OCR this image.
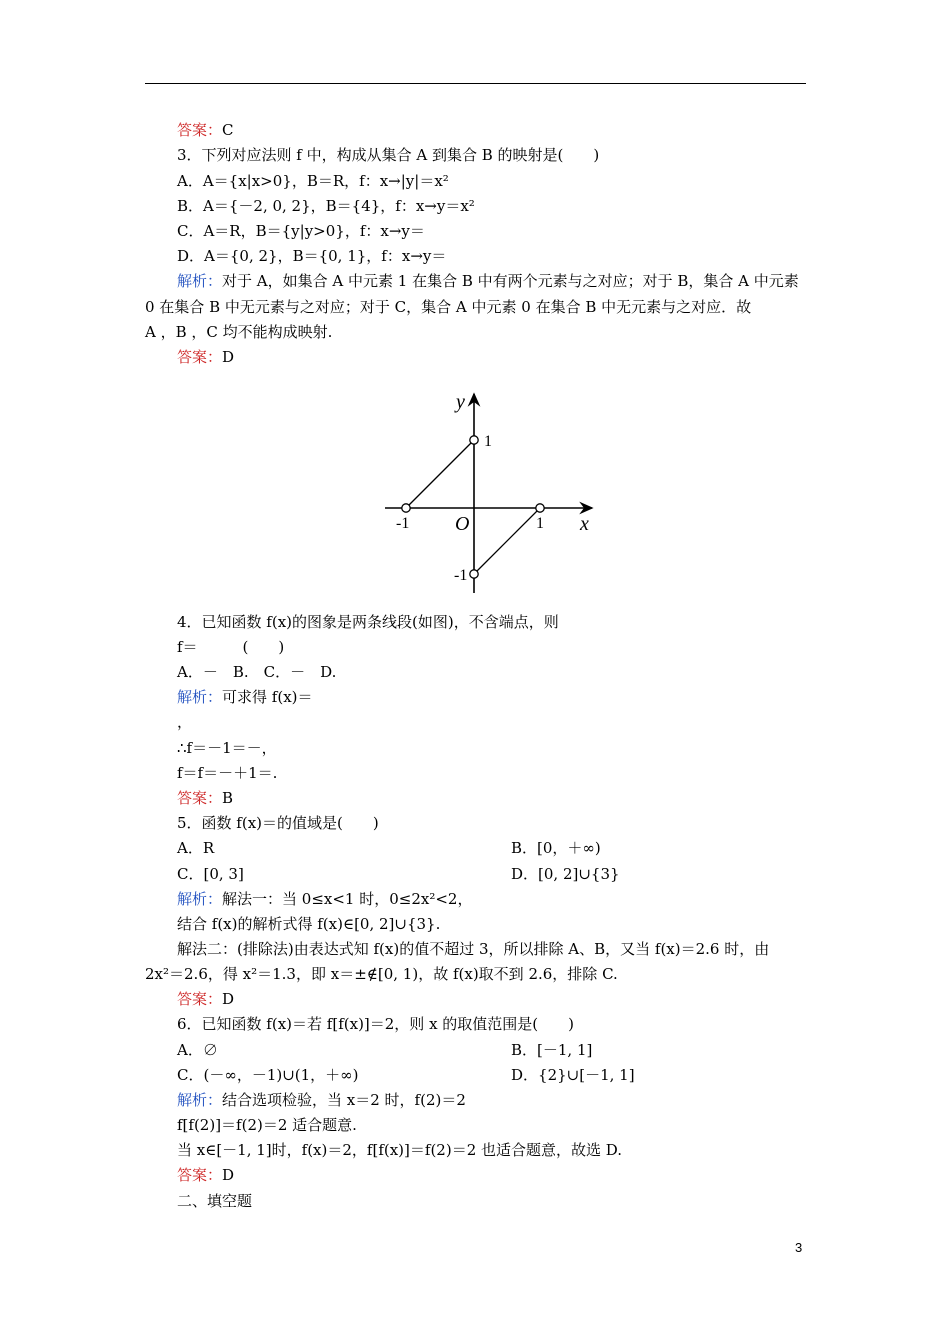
答案：C
3．下列对应法则 f 中，构成从集合 A 到集合 B 的映射是(　　)
A．A＝{x|x>0}，B＝R，f：x→|y|＝x²
B．A＝{－2, 0, 2}，B＝{4}，f：x→y＝x²
C．A＝R，B＝{y|y>0}，f：x→y＝
D．A＝{0, 2}，B＝{0, 1}，f：x→y＝
解析：对于 A，如集合 A 中元素 1 在集合 B 中有两个元素与之对应；对于 B，集合 A 中元素
0 在集合 B 中无元素与之对应；对于 C，集合 A 中元素 0 在集合 B 中无元素与之对应．故
A ，B ，C 均不能构成映射.
答案：D
4．已知函数 f(x)的图象是两条线段(如图)，不含端点，则
f＝　　　(　　)
A．－　B.　C．－　D.
解析：可求得 f(x)＝
，
∴f＝－1＝－，
f＝f＝－＋1＝.
答案：B
5．函数 f(x)＝的值域是(　　)
A．R	B．[0，＋∞)
C．[0, 3]	D．[0, 2]∪{3}
解析：解法一：当 0≤x<1 时，0≤2x²<2，
结合 f(x)的解析式得 f(x)∈[0, 2]∪{3}.
解法二：(排除法)由表达式知 f(x)的值不超过 3，所以排除 A、B，又当 f(x)＝2.6 时，由
2x²＝2.6，得 x²＝1.3，即 x＝±∉[0, 1)，故 f(x)取不到 2.6，排除 C.
答案：D
6．已知函数 f(x)＝若 f[f(x)]＝2，则 x 的取值范围是(　　)
A．∅	B．[－1, 1]
C．(－∞，－1)∪(1，＋∞)	D．{2}∪[－1, 1]
解析：结合选项检验，当 x＝2 时，f(2)＝2
f[f(2)]＝f(2)＝2 适合题意.
当 x∈[－1, 1]时，f(x)＝2，f[f(x)]＝f(2)＝2 也适合题意，故选 D.
答案：D
二、填空题
y
x
O
1
-1
-1	1
3
